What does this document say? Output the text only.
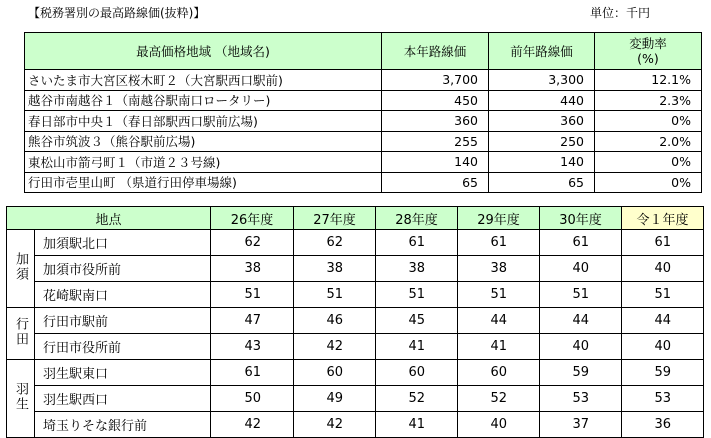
【税務署別の最高路線価(抜粋)】	単位：千円
最高価格地域 （地域名)	本年路線価	前年路線価	変動率
(%)
さいたま市大宮区桜木町２（大宮駅西口駅前)	3,700	3,300	12.1%
越谷市南越谷１（南越谷駅南口ロータリー)	450	440	2.3%
春日部市中央１（春日部駅西口駅前広場)	360	360	0%
熊谷市筑波３（熊谷駅前広場)	255	250	2.0%
東松山市箭弓町１（市道２３号線)	140	140	0%
行田市壱里山町 （県道行田停車場線)	65	65	0%
地点		26年度	27年度	28年度	29年度	30年度	令１年度
加須	加須駅北口	62	62	61	61	61	61
	加須市役所前	38	38	38	38	40	40
	花崎駅南口	51	51	51	51	51	51
行田	行田市駅前	47	46	45	44	44	44
	行田市役所前	43	42	41	41	40	40
羽生	羽生駅東口	61	60	60	60	59	59
	羽生駅西口	50	49	52	52	53	53
	埼玉りそな銀行前	42	42	41	40	37	36
